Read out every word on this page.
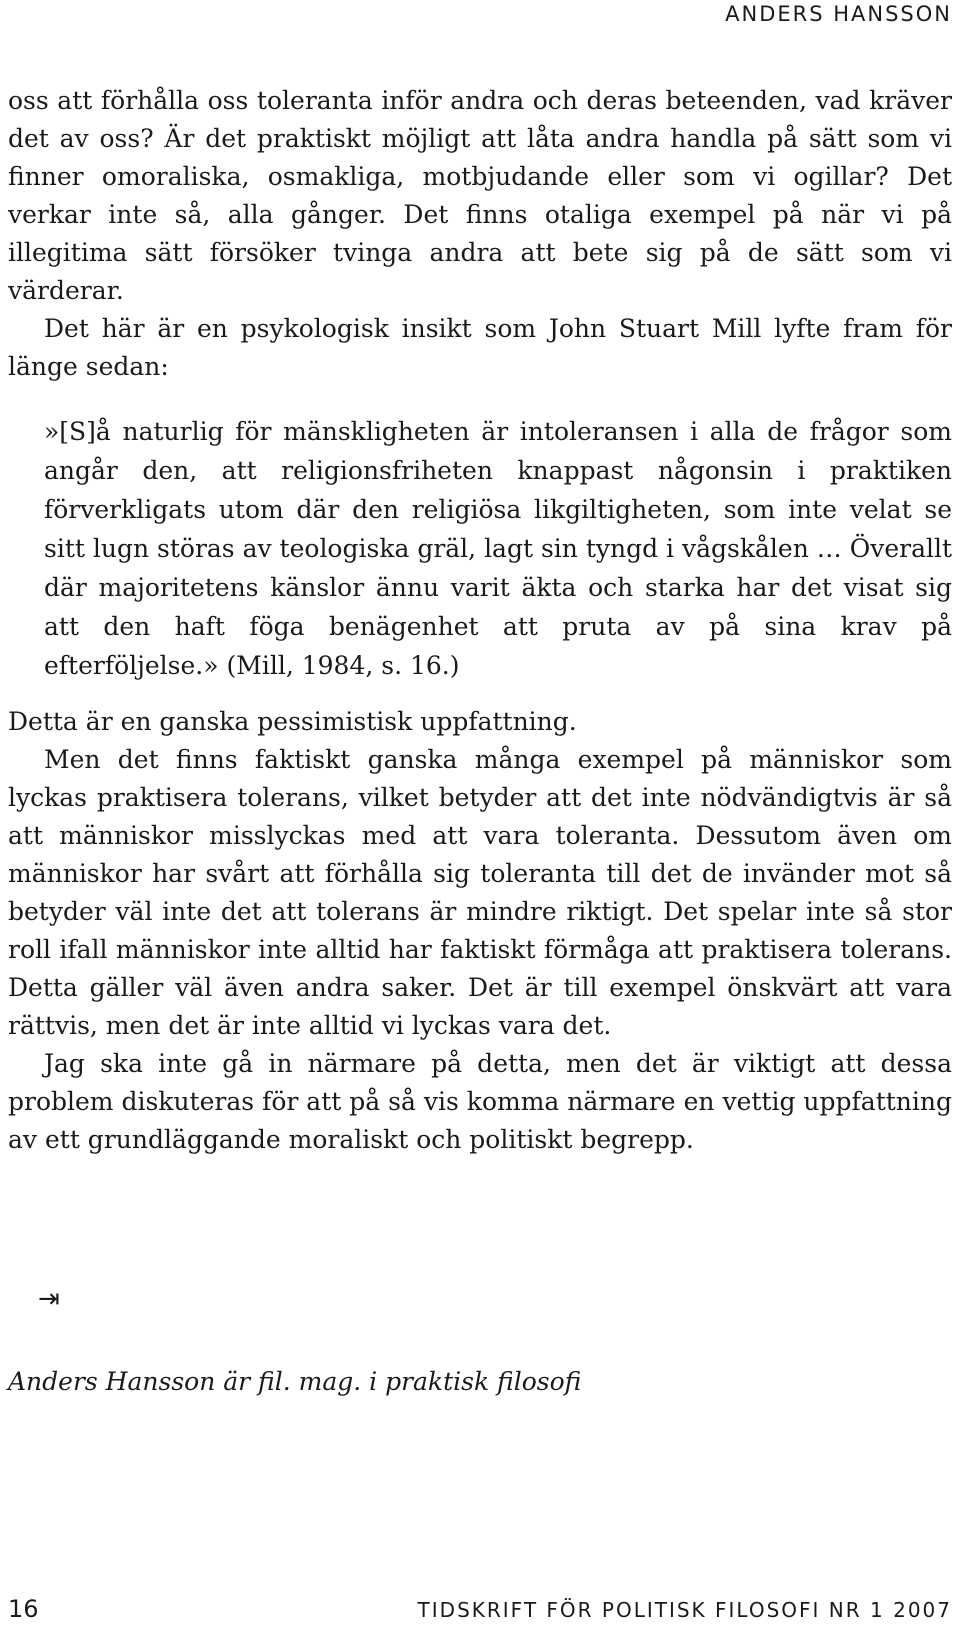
ANDERS HANSSON

oss att förhålla oss toleranta inför andra och deras beteenden, vad kräver det av oss? Är det praktiskt möjligt att låta andra handla på sätt som vi finner omoraliska, osmakliga, motbjudande eller som vi ogillar? Det verkar inte så, alla gånger. Det finns otaliga exempel på när vi på illegitima sätt försöker tvinga andra att bete sig på de sätt som vi värderar.

Det här är en psykologisk insikt som John Stuart Mill lyfte fram för länge sedan:

»[S]å naturlig för mänskligheten är intoleransen i alla de frågor som angår den, att religionsfriheten knappast någonsin i praktiken förverkligats utom där den religiösa likgiltigheten, som inte velat se sitt lugn störas av teologiska gräl, lagt sin tyngd i vågskålen … Överallt där majoritetens känslor ännu varit äkta och starka har det visat sig att den haft föga benägenhet att pruta av på sina krav på efterföljelse.» (Mill, 1984, s. 16.)

Detta är en ganska pessimistisk uppfattning.

Men det finns faktiskt ganska många exempel på människor som lyckas praktisera tolerans, vilket betyder att det inte nödvändigtvis är så att människor misslyckas med att vara toleranta. Dessutom även om människor har svårt att förhålla sig toleranta till det de invänder mot så betyder väl inte det att tolerans är mindre riktigt. Det spelar inte så stor roll ifall människor inte alltid har faktiskt förmåga att praktisera tolerans. Detta gäller väl även andra saker. Det är till exempel önskvärt att vara rättvis, men det är inte alltid vi lyckas vara det.

Jag ska inte gå in närmare på detta, men det är viktigt att dessa problem diskuteras för att på så vis komma närmare en vettig uppfattning av ett grundläggande moraliskt och politiskt begrepp.

⇥
Anders Hansson är fil. mag. i praktisk filosofi
16	TIDSKRIFT FÖR POLITISK FILOSOFI NR 1 2007
